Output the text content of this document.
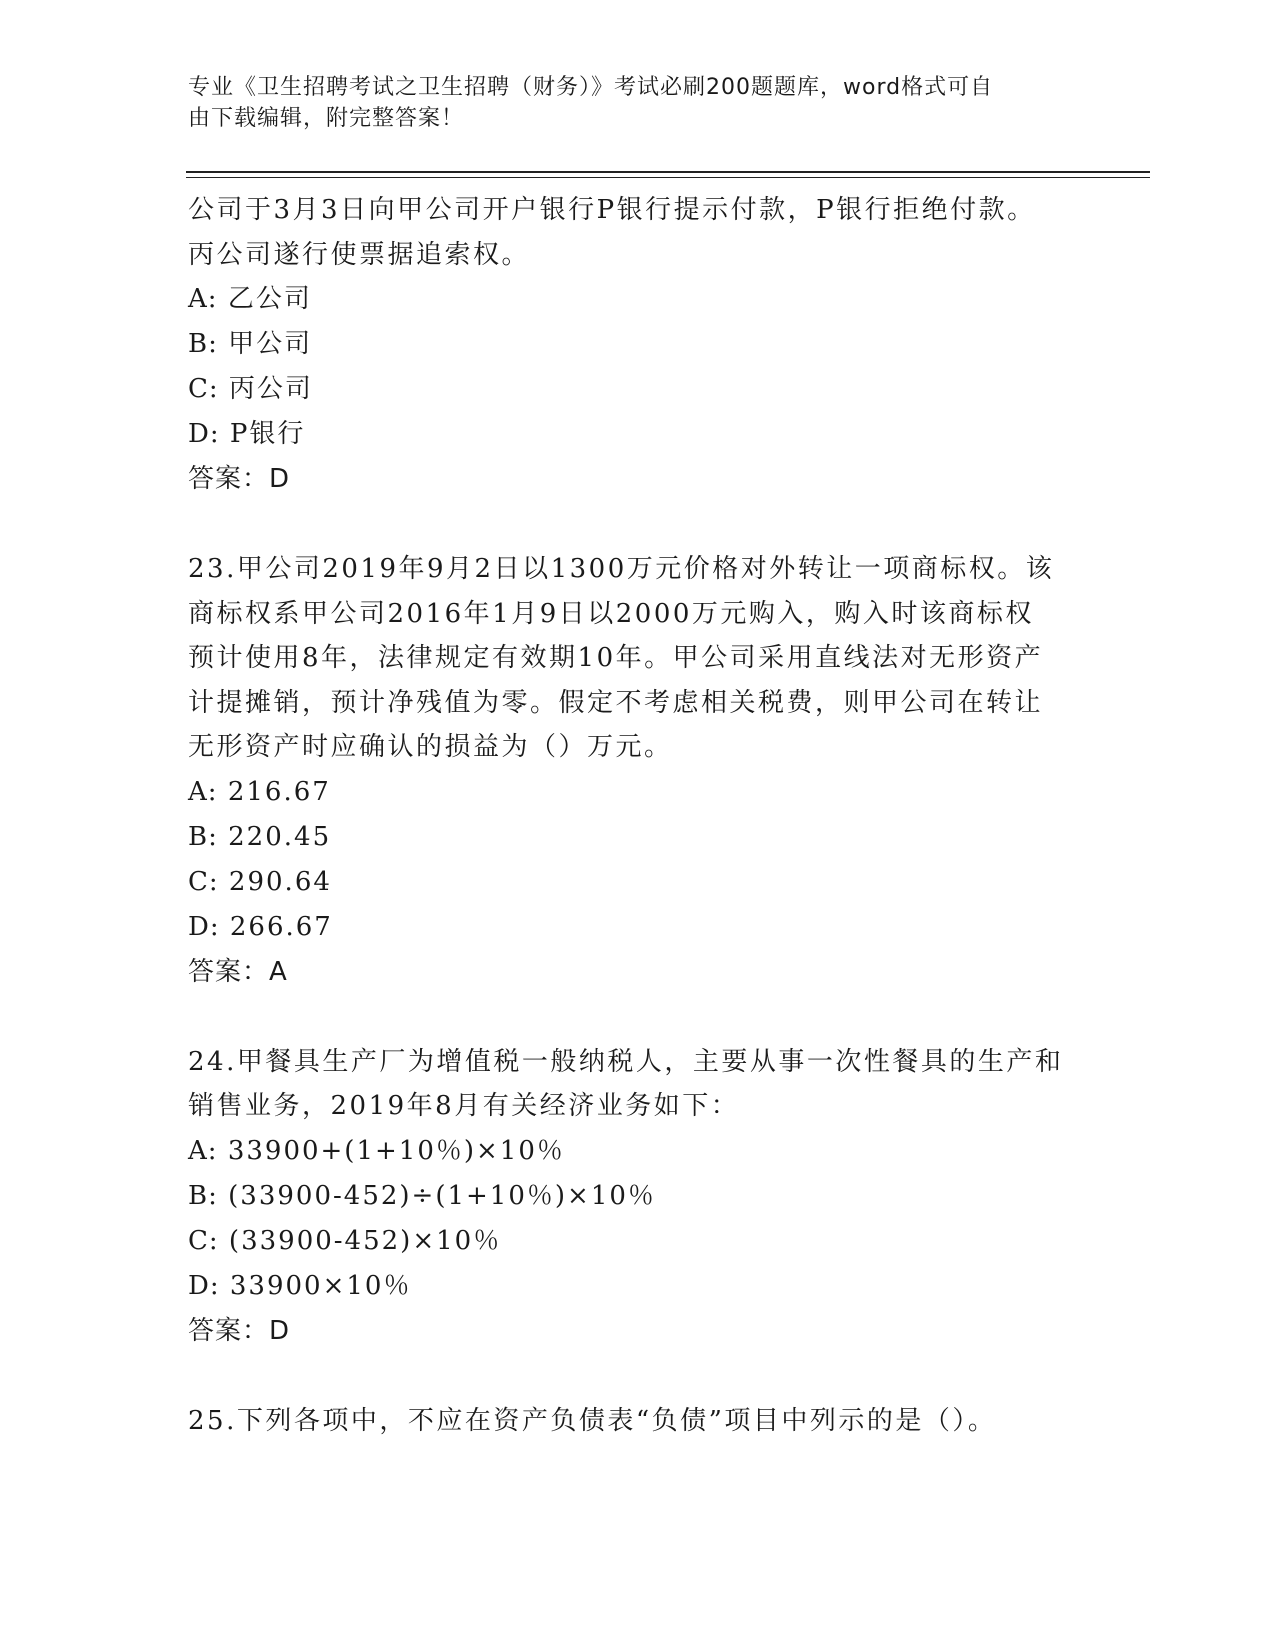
专业《卫生招聘考试之卫生招聘（财务）》考试必刷200题题库，word格式可自
由下载编辑，附完整答案！

公司于3月3日向甲公司开户银行P银行提示付款，P银行拒绝付款。

丙公司遂行使票据追索权。

A: 乙公司

B: 甲公司

C: 丙公司

D: P银行

答案：D

23.甲公司2019年9月2日以1300万元价格对外转让一项商标权。该

商标权系甲公司2016年1月9日以2000万元购入，购入时该商标权

预计使用8年，法律规定有效期10年。甲公司采用直线法对无形资产

计提摊销，预计净残值为零。假定不考虑相关税费，则甲公司在转让

无形资产时应确认的损益为（）万元。

A: 216.67

B: 220.45

C: 290.64

D: 266.67

答案：A

24.甲餐具生产厂为增值税一般纳税人，主要从事一次性餐具的生产和

销售业务，2019年8月有关经济业务如下：

A: 33900+(1+10％)×10％

B: (33900-452)÷(1+10％)×10％

C: (33900-452)×10％

D: 33900×10％

答案：D

25.下列各项中，不应在资产负债表“负债”项目中列示的是（）。
